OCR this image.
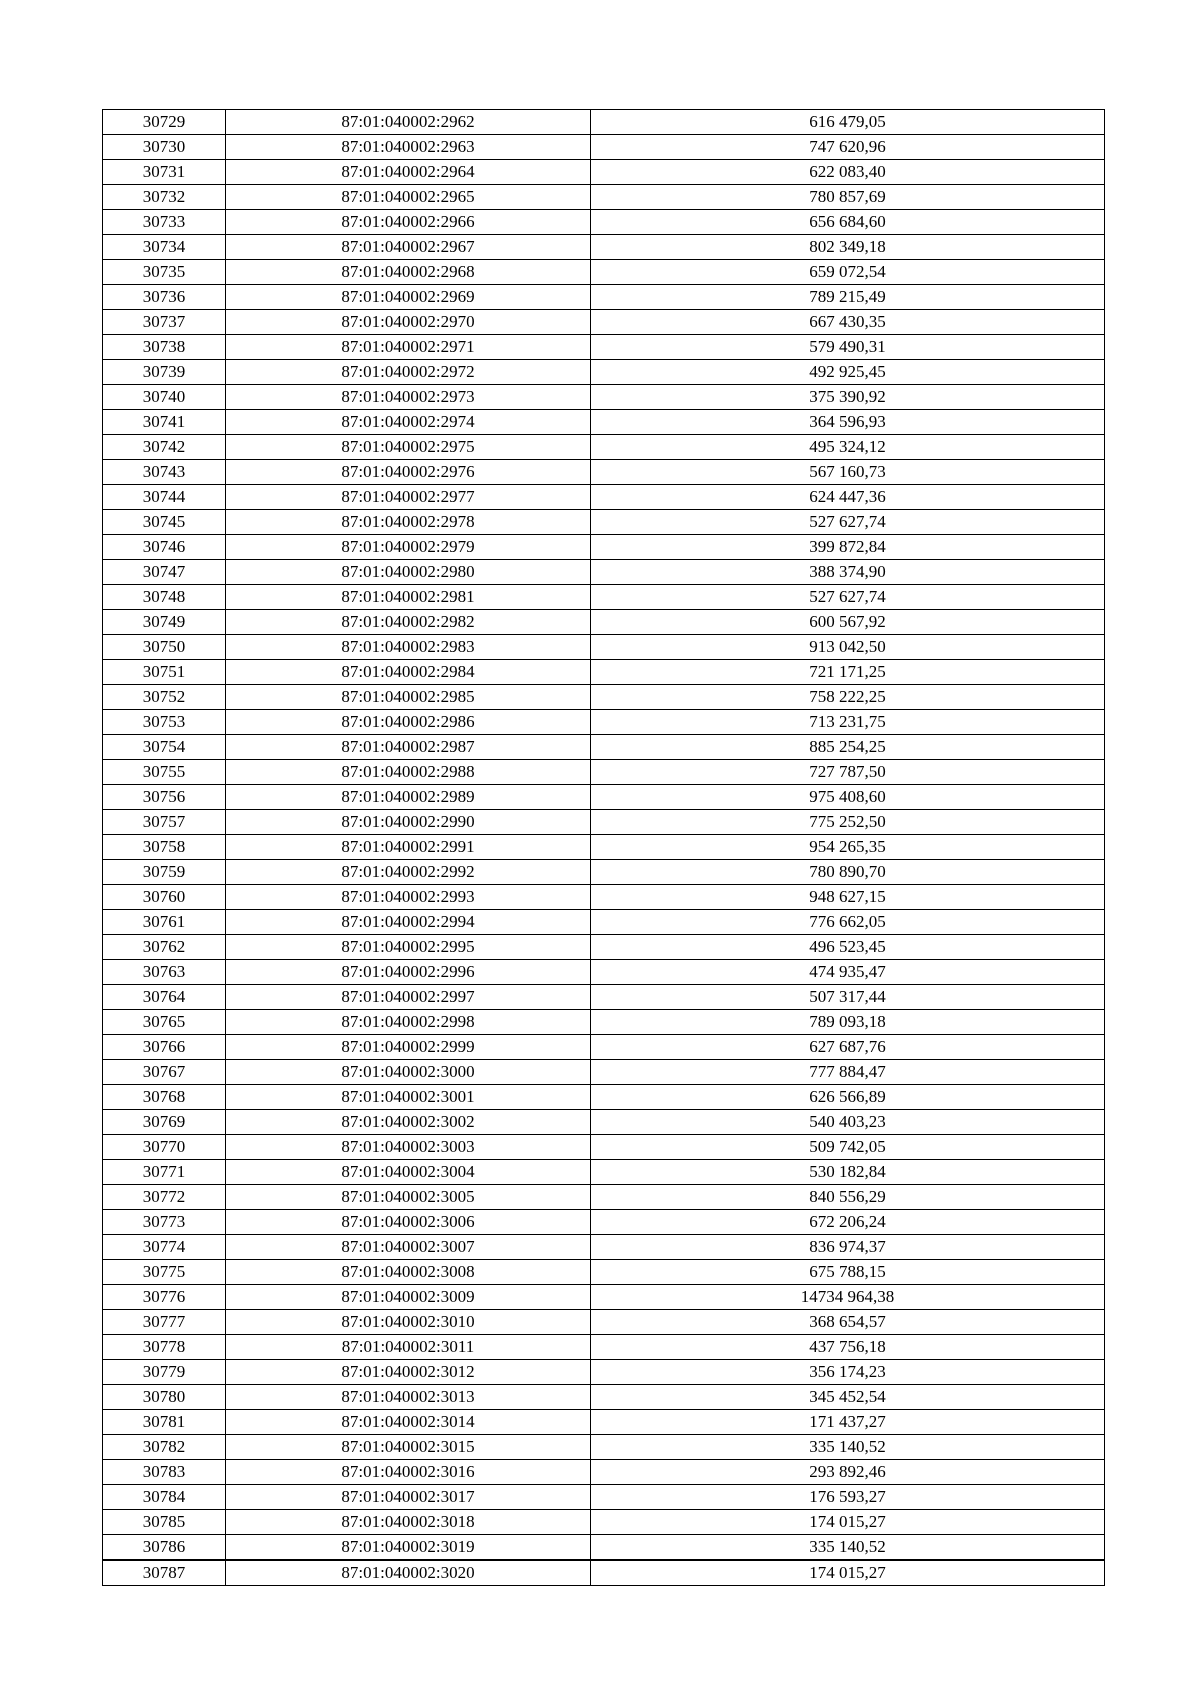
30729	87:01:040002:2962	616 479,05
30730	87:01:040002:2963	747 620,96
30731	87:01:040002:2964	622 083,40
30732	87:01:040002:2965	780 857,69
30733	87:01:040002:2966	656 684,60
30734	87:01:040002:2967	802 349,18
30735	87:01:040002:2968	659 072,54
30736	87:01:040002:2969	789 215,49
30737	87:01:040002:2970	667 430,35
30738	87:01:040002:2971	579 490,31
30739	87:01:040002:2972	492 925,45
30740	87:01:040002:2973	375 390,92
30741	87:01:040002:2974	364 596,93
30742	87:01:040002:2975	495 324,12
30743	87:01:040002:2976	567 160,73
30744	87:01:040002:2977	624 447,36
30745	87:01:040002:2978	527 627,74
30746	87:01:040002:2979	399 872,84
30747	87:01:040002:2980	388 374,90
30748	87:01:040002:2981	527 627,74
30749	87:01:040002:2982	600 567,92
30750	87:01:040002:2983	913 042,50
30751	87:01:040002:2984	721 171,25
30752	87:01:040002:2985	758 222,25
30753	87:01:040002:2986	713 231,75
30754	87:01:040002:2987	885 254,25
30755	87:01:040002:2988	727 787,50
30756	87:01:040002:2989	975 408,60
30757	87:01:040002:2990	775 252,50
30758	87:01:040002:2991	954 265,35
30759	87:01:040002:2992	780 890,70
30760	87:01:040002:2993	948 627,15
30761	87:01:040002:2994	776 662,05
30762	87:01:040002:2995	496 523,45
30763	87:01:040002:2996	474 935,47
30764	87:01:040002:2997	507 317,44
30765	87:01:040002:2998	789 093,18
30766	87:01:040002:2999	627 687,76
30767	87:01:040002:3000	777 884,47
30768	87:01:040002:3001	626 566,89
30769	87:01:040002:3002	540 403,23
30770	87:01:040002:3003	509 742,05
30771	87:01:040002:3004	530 182,84
30772	87:01:040002:3005	840 556,29
30773	87:01:040002:3006	672 206,24
30774	87:01:040002:3007	836 974,37
30775	87:01:040002:3008	675 788,15
30776	87:01:040002:3009	14734 964,38
30777	87:01:040002:3010	368 654,57
30778	87:01:040002:3011	437 756,18
30779	87:01:040002:3012	356 174,23
30780	87:01:040002:3013	345 452,54
30781	87:01:040002:3014	171 437,27
30782	87:01:040002:3015	335 140,52
30783	87:01:040002:3016	293 892,46
30784	87:01:040002:3017	176 593,27
30785	87:01:040002:3018	174 015,27
30786	87:01:040002:3019	335 140,52
30787	87:01:040002:3020	174 015,27
